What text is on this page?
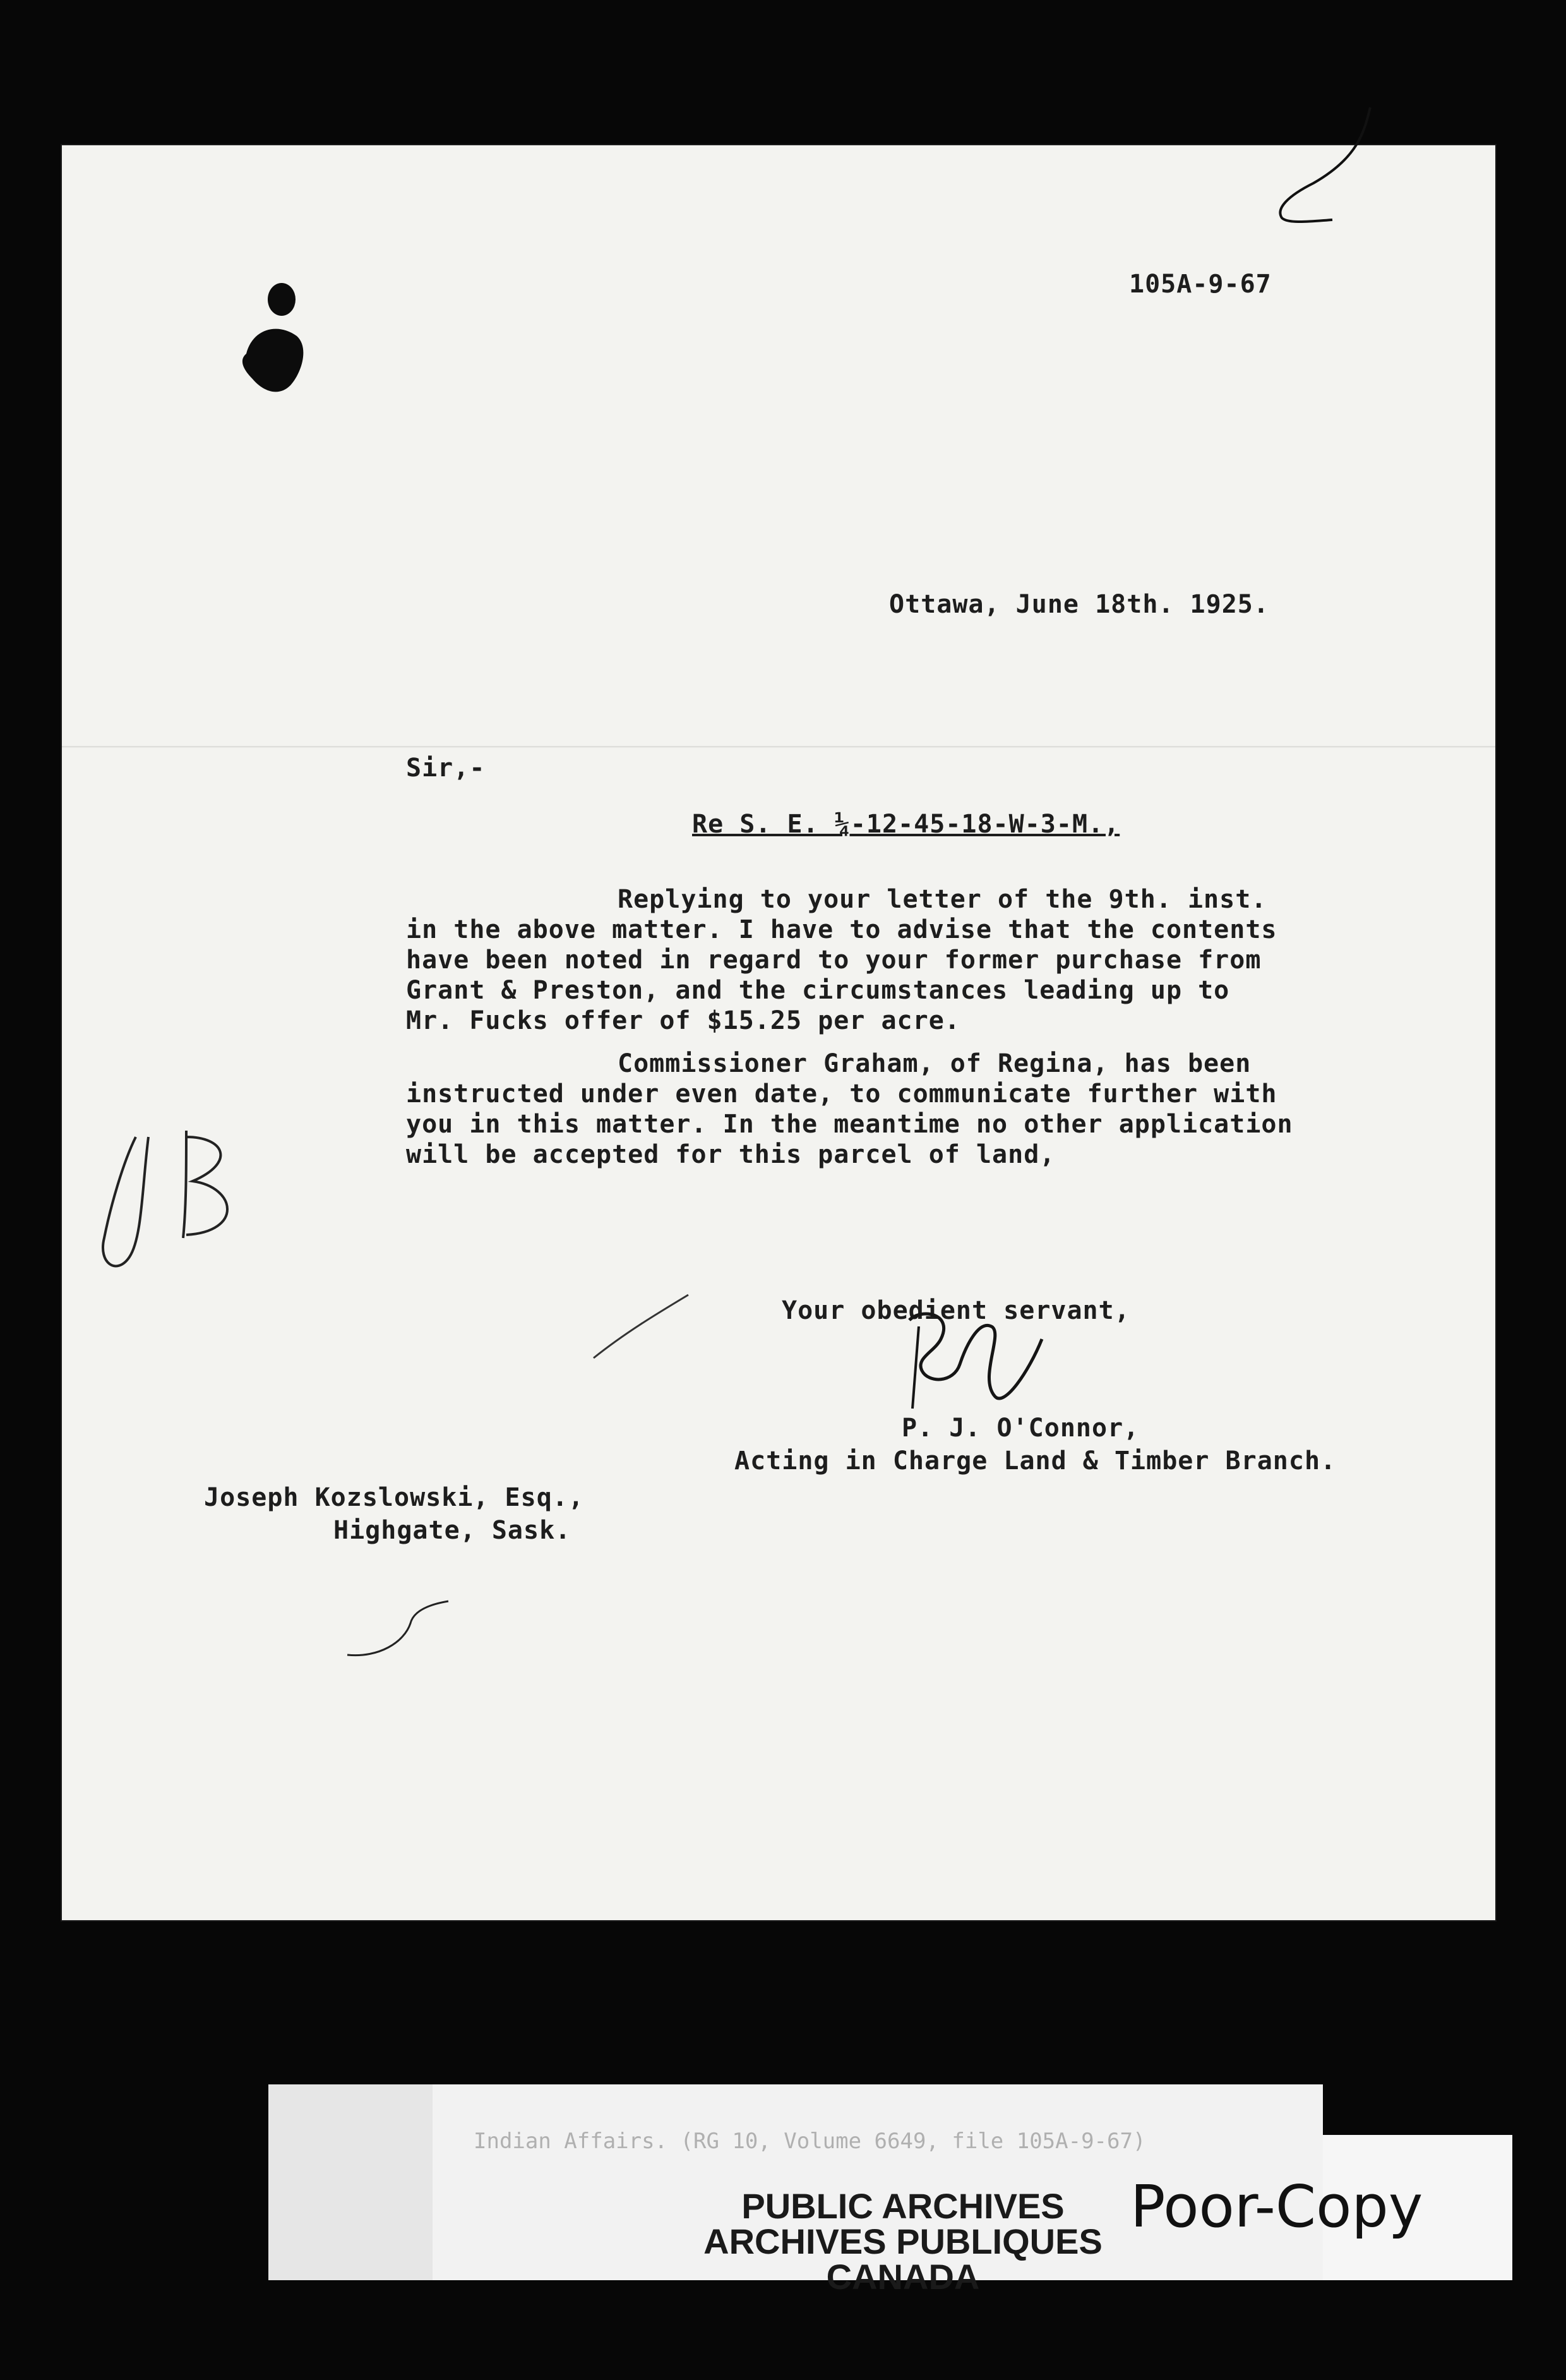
105A-9-67
Ottawa, June 18th. 1925.
Sir,-
Re S. E. ¼-12-45-18-W-3-M.,
Replying to your letter of the 9th. inst.
in the above matter. I have to advise that the contents
have been noted in regard to your former purchase from
Grant & Preston, and the circumstances leading up to
Mr. Fucks offer of $15.25 per acre.
Commissioner Graham, of Regina, has been
instructed under even date, to communicate further with
you in this matter. In the meantime no other application
will be accepted for this parcel of land,
Your obedient servant,
P. J. O'Connor,
Acting in Charge Land & Timber Branch.
Joseph Kozslowski, Esq.,
Highgate, Sask.
Indian Affairs. (RG 10, Volume 6649, file 105A-9-67)
PUBLIC ARCHIVES
ARCHIVES PUBLIQUES
CANADA
Poor-Copy
